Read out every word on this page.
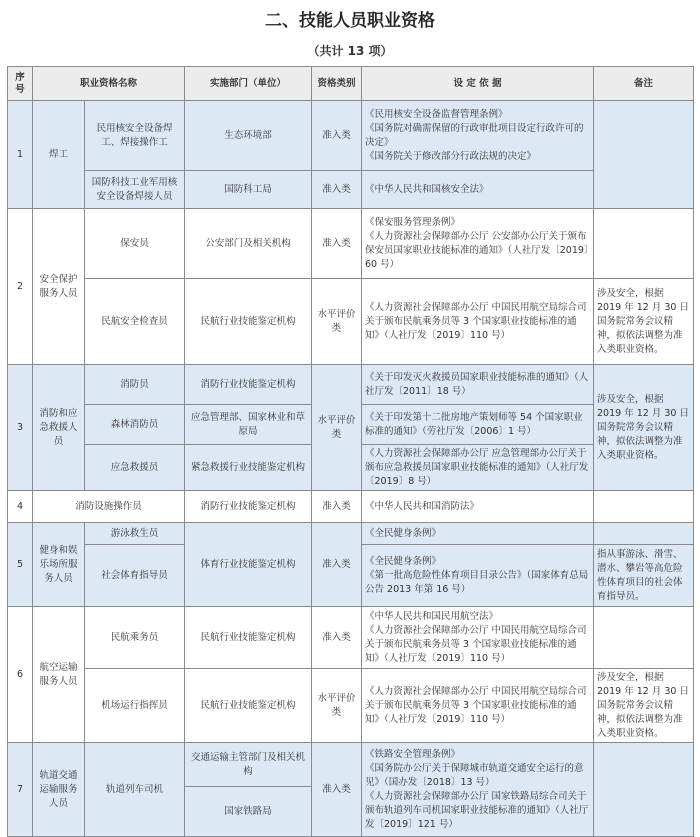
二、技能人员职业资格
（共计 13 项）
序号	职业资格名称		实施部门（单位）	资格类别	设 定 依 据	备注
1	焊工	民用核安全设备焊工、焊接操作工	生态环境部	准入类	《民用核安全设备监督管理条例》
《国务院对确需保留的行政审批项目设定行政许可的决定》
《国务院关于修改部分行政法规的决定》	
		国防科技工业军用核安全设备焊接人员	国防科工局	准入类	《中华人民共和国核安全法》	
2	安全保护服务人员	保安员	公安部门及相关机构	准入类	《保安服务管理条例》
《人力资源社会保障部办公厅 公安部办公厅关于颁布保安员国家职业技能标准的通知》（人社厅发〔2019〕60 号）	
		民航安全检查员	民航行业技能鉴定机构	水平评价类	《人力资源社会保障部办公厅 中国民用航空局综合司关于颁布民航乘务员等 3 个国家职业技能标准的通知》（人社厅发〔2019〕110 号）	涉及安全，根据 2019 年 12 月 30 日国务院常务会议精神，拟依法调整为准入类职业资格。
3	消防和应急救援人员	消防员	消防行业技能鉴定机构	水平评价类	《关于印发灭火救援员国家职业技能标准的通知》（人社厅发〔2011〕18 号）	涉及安全，根据 2019 年 12 月 30 日国务院常务会议精神，拟依法调整为准入类职业资格。
		森林消防员	应急管理部、国家林业和草原局		《关于印发第十二批房地产策划师等 54 个国家职业标准的通知》（劳社厅发〔2006〕1 号）	
		应急救援员	紧急救援行业技能鉴定机构		《人力资源社会保障部办公厅 应急管理部办公厅关于颁布应急救援员国家职业技能标准的通知》（人社厅发〔2019〕8 号）	
4	消防设施操作员		消防行业技能鉴定机构	准入类	《中华人民共和国消防法》	
5	健身和娱乐场所服务人员	游泳救生员	体育行业技能鉴定机构	准入类	《全民健身条例》	
		社会体育指导员			《全民健身条例》
《第一批高危险性体育项目目录公告》（国家体育总局公告 2013 年第 16 号）	指从事游泳、滑雪、潜水、攀岩等高危险性体育项目的社会体育指导员。
6	航空运输服务人员	民航乘务员	民航行业技能鉴定机构	准入类	《中华人民共和国民用航空法》
《人力资源社会保障部办公厅 中国民用航空局综合司关于颁布民航乘务员等 3 个国家职业技能标准的通知》（人社厅发〔2019〕110 号）	
		机场运行指挥员	民航行业技能鉴定机构	水平评价类	《人力资源社会保障部办公厅 中国民用航空局综合司关于颁布民航乘务员等 3 个国家职业技能标准的通知》（人社厅发〔2019〕110 号）	涉及安全，根据 2019 年 12 月 30 日国务院常务会议精神，拟依法调整为准入类职业资格。
7	轨道交通运输服务人员	轨道列车司机	交通运输主管部门及相关机构	准入类	《铁路安全管理条例》
《国务院办公厅关于保障城市轨道交通安全运行的意见》（国办发〔2018〕13 号）
《人力资源社会保障部办公厅 国家铁路局综合司关于颁布轨道列车司机国家职业技能标准的通知》（人社厅发〔2019〕121 号）	
			国家铁路局			
